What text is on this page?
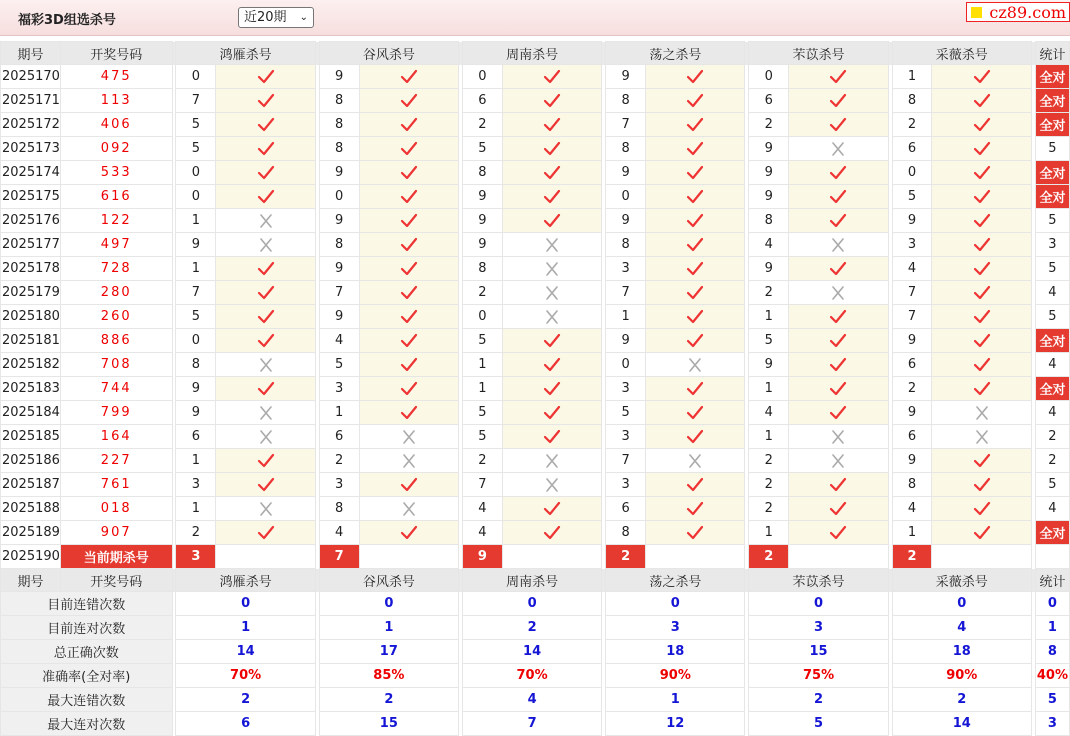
福彩3D组选杀号	近20期 ⌄	cz89.com
期号	开奖号码		鸿雁杀号			谷风杀号			周南杀号			荡之杀号			芣苡杀号			采薇杀号			统计
2025170	475		0			9			0			9			0			1			全对
2025171	113		7			8			6			8			6			8			全对
2025172	406		5			8			2			7			2			2			全对
2025173	092		5			8			5			8			9			6			5
2025174	533		0			9			8			9			9			0			全对
2025175	616		0			0			9			0			9			5			全对
2025176	122		1			9			9			9			8			9			5
2025177	497		9			8			9			8			4			3			3
2025178	728		1			9			8			3			9			4			5
2025179	280		7			7			2			7			2			7			4
2025180	260		5			9			0			1			1			7			5
2025181	886		0			4			5			9			5			9			全对
2025182	708		8			5			1			0			9			6			4
2025183	744		9			3			1			3			1			2			全对
2025184	799		9			1			5			5			4			9			4
2025185	164		6			6			5			3			1			6			2
2025186	227		1			2			2			7			2			9			2
2025187	761		3			3			7			3			2			8			5
2025188	018		1			8			4			6			2			4			4
2025189	907		2			4			4			8			1			1			全对
2025190	当前期杀号		3			7			9			2			2			2			
期号	开奖号码		鸿雁杀号			谷风杀号			周南杀号			荡之杀号			芣苡杀号			采薇杀号			统计
目前连错次数			0			0			0			0			0			0			0
目前连对次数			1			1			2			3			3			4			1
总正确次数			14			17			14			18			15			18			8
准确率(全对率)			70%			85%			70%			90%			75%			90%			40%
最大连错次数			2			2			4			1			2			2			5
最大连对次数			6			15			7			12			5			14			3
